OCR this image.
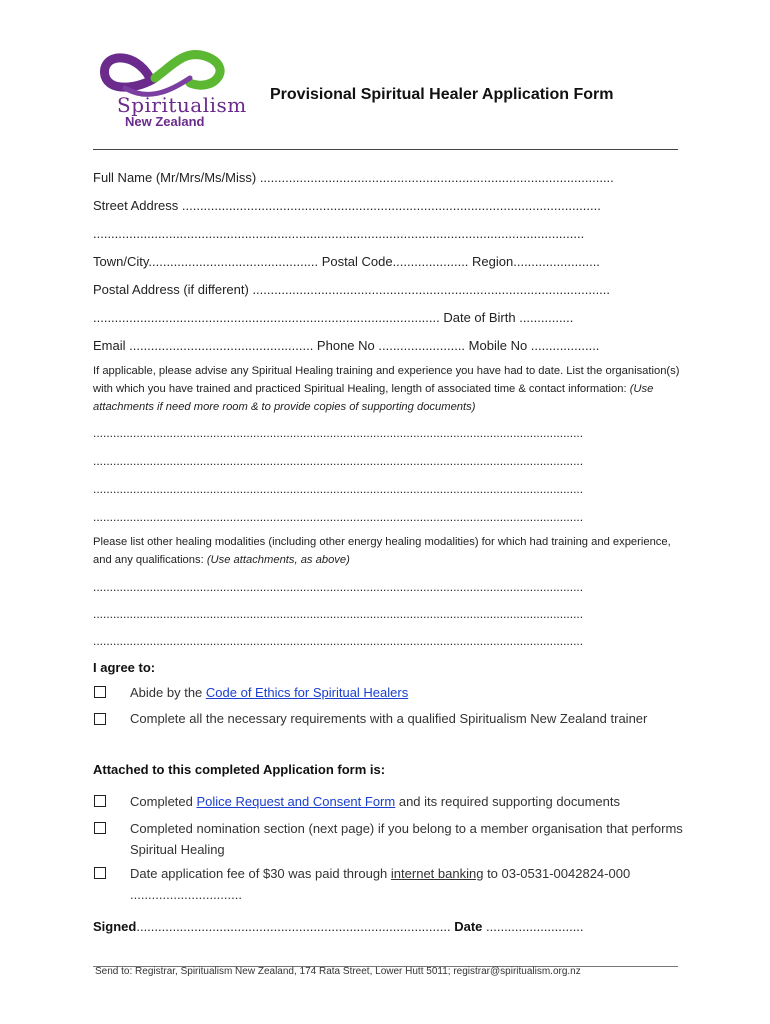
Spiritualism
New Zealand
Provisional Spiritual Healer Application Form
Full Name (Mr/Mrs/Ms/Miss) ..................................................................................................
Street Address ....................................................................................................................
........................................................................................................................................
Town/City............................................... Postal Code..................... Region........................
Postal Address (if different) ...................................................................................................
................................................................................................ Date of Birth ...............
Email ................................................... Phone No ........................ Mobile No ...................
If applicable, please advise any Spiritual Healing training and experience you have had to date. List the organisation(s) with which you have trained and practiced Spiritual Healing, length of associated time & contact information: (Use attachments if need more room & to provide copies of supporting documents)
...................................................................................................................................................
...................................................................................................................................................
...................................................................................................................................................
...................................................................................................................................................
Please list other healing modalities (including other energy healing modalities) for which had training and experience, and any qualifications: (Use attachments, as above)
...................................................................................................................................................
...................................................................................................................................................
...................................................................................................................................................
I agree to:
Abide by the Code of Ethics for Spiritual Healers
Complete all the necessary requirements with a qualified Spiritualism New Zealand trainer
Attached to this completed Application form is:
Completed Police Request and Consent Form and its required supporting documents
Completed nomination section (next page) if you belong to a member organisation that performs Spiritual Healing
Date application fee of $30 was paid through internet banking to 03-0531-0042824-000 ...............................
Signed....................................................................................... Date ...........................
Send to: Registrar, Spiritualism New Zealand, 174 Rata Street, Lower Hutt 5011; registrar@spiritualism.org.nz
